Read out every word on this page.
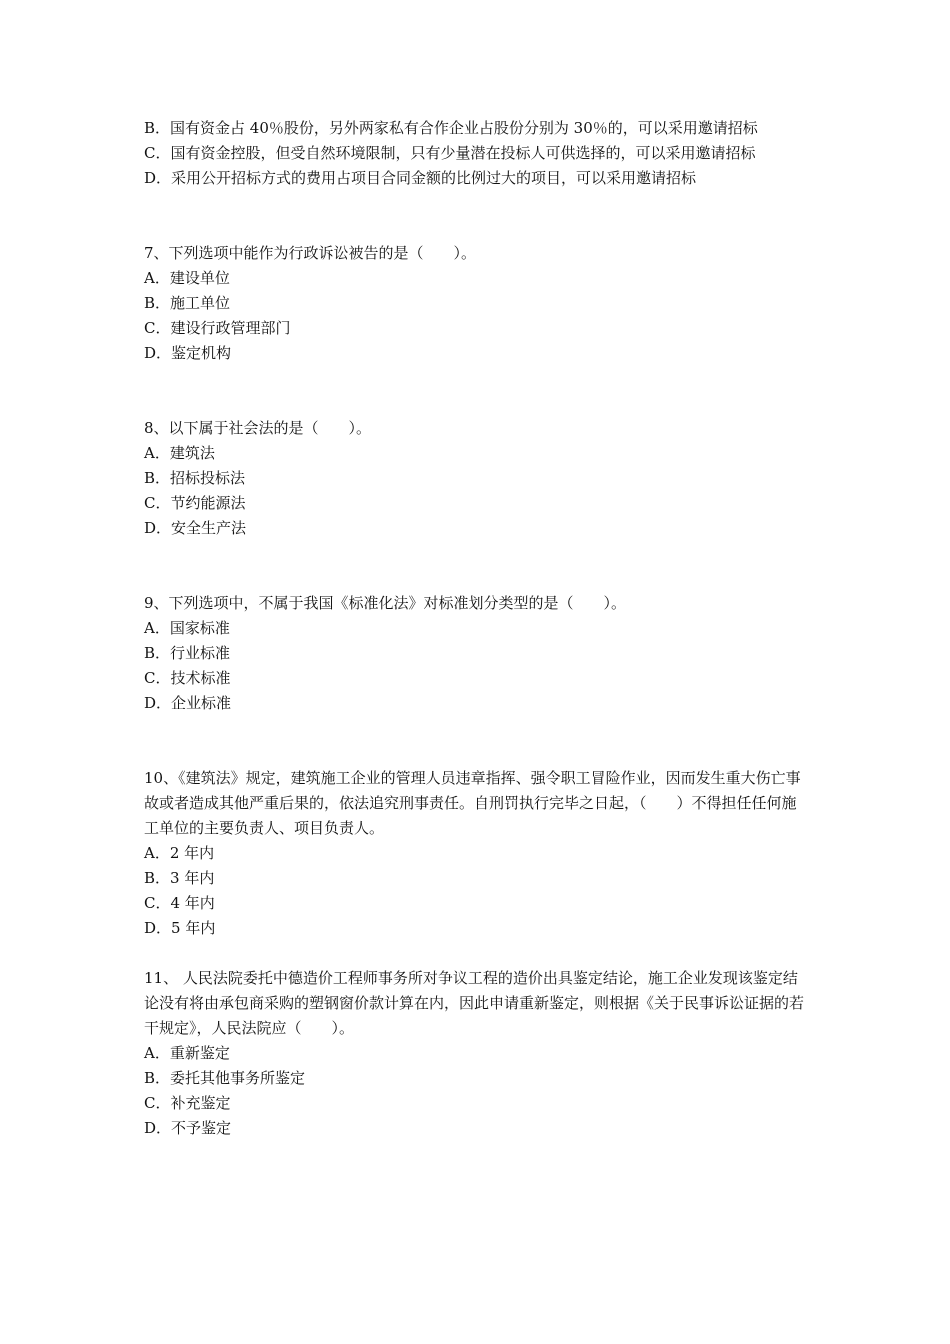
B．国有资金占 40％股份，另外两家私有合作企业占股份分别为 30％的，可以采用邀请招标
C．国有资金控股，但受自然环境限制，只有少量潜在投标人可供选择的，可以采用邀请招标
D．采用公开招标方式的费用占项目合同金额的比例过大的项目，可以采用邀请招标
7、下列选项中能作为行政诉讼被告的是（　　）。
A．建设单位
B．施工单位
C．建设行政管理部门
D．鉴定机构
8、以下属于社会法的是（　　）。
A．建筑法
B．招标投标法
C．节约能源法
D．安全生产法
9、下列选项中，不属于我国《标准化法》对标准划分类型的是（　　）。
A．国家标准
B．行业标准
C．技术标准
D．企业标准
10、《建筑法》规定，建筑施工企业的管理人员违章指挥、强令职工冒险作业，因而发生重大伤亡事故或者造成其他严重后果的，依法追究刑事责任。自刑罚执行完毕之日起，（　　）不得担任任何施工单位的主要负责人、项目负责人。
A．2 年内
B．3 年内
C．4 年内
D．5 年内
11、 人民法院委托中德造价工程师事务所对争议工程的造价出具鉴定结论，施工企业发现该鉴定结论没有将由承包商采购的塑钢窗价款计算在内，因此申请重新鉴定，则根据《关于民事诉讼证据的若干规定》，人民法院应（　　）。
A．重新鉴定
B．委托其他事务所鉴定
C．补充鉴定
D．不予鉴定
